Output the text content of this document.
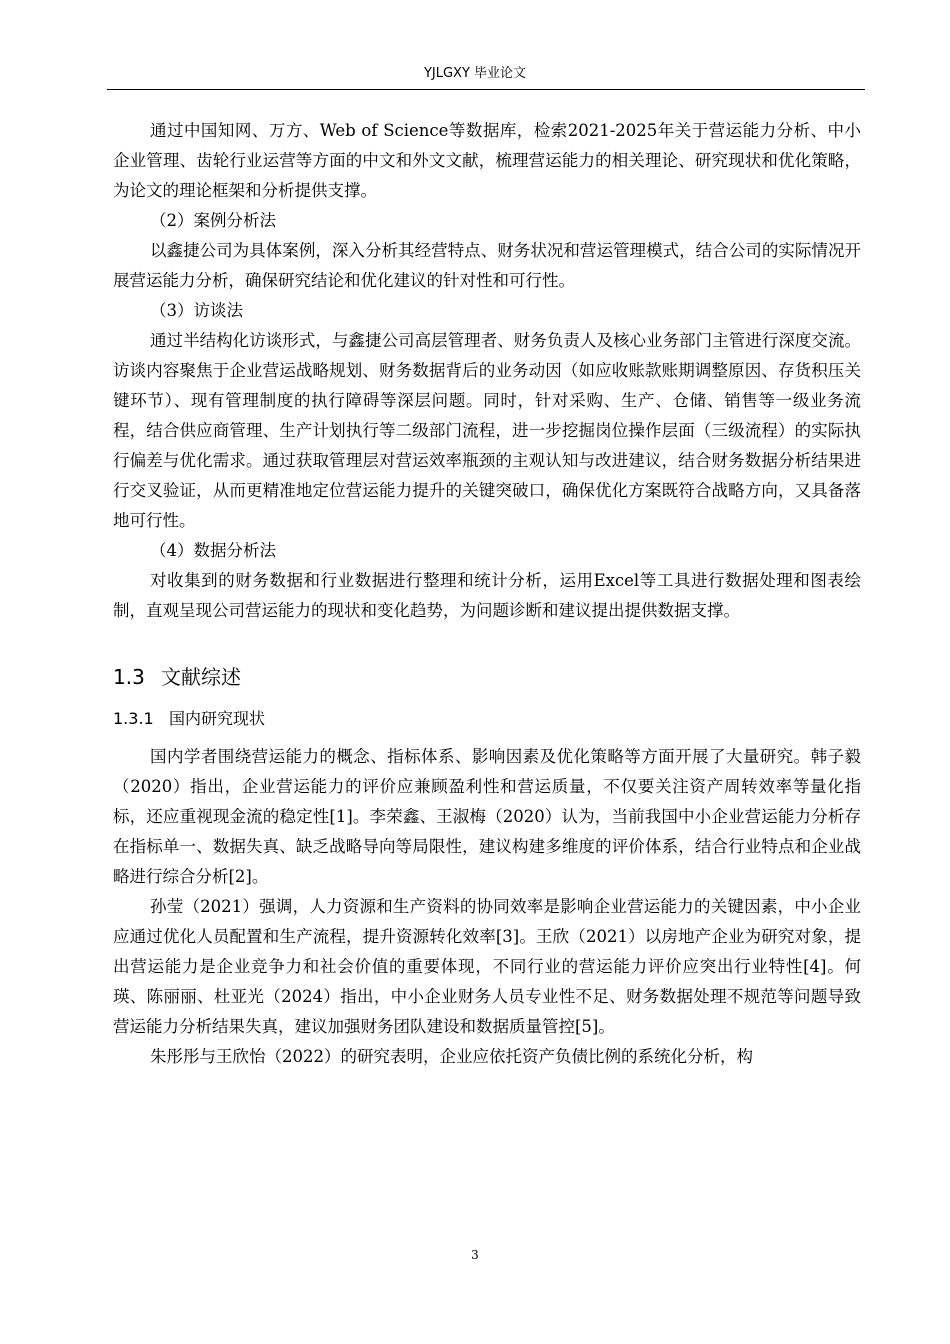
YJLGXY 毕业论文

通过中国知网、万方、Web of Science等数据库，检索2021-2025年关于营运能力分析、中小企业管理、齿轮行业运营等方面的中文和外文文献，梳理营运能力的相关理论、研究现状和优化策略，为论文的理论框架和分析提供支撑。

（2）案例分析法

以鑫捷公司为具体案例，深入分析其经营特点、财务状况和营运管理模式，结合公司的实际情况开展营运能力分析，确保研究结论和优化建议的针对性和可行性。

（3）访谈法

通过半结构化访谈形式，与鑫捷公司高层管理者、财务负责人及核心业务部门主管进行深度交流。访谈内容聚焦于企业营运战略规划、财务数据背后的业务动因（如应收账款账期调整原因、存货积压关键环节）、现有管理制度的执行障碍等深层问题。同时，针对采购、生产、仓储、销售等一级业务流程，结合供应商管理、生产计划执行等二级部门流程，进一步挖掘岗位操作层面（三级流程）的实际执行偏差与优化需求。通过获取管理层对营运效率瓶颈的主观认知与改进建议，结合财务数据分析结果进行交叉验证，从而更精准地定位营运能力提升的关键突破口，确保优化方案既符合战略方向，又具备落地可行性。

（4）数据分析法

对收集到的财务数据和行业数据进行整理和统计分析，运用Excel等工具进行数据处理和图表绘制，直观呈现公司营运能力的现状和变化趋势，为问题诊断和建议提出提供数据支撑。

1.3 文献综述
1.3.1 国内研究现状

国内学者围绕营运能力的概念、指标体系、影响因素及优化策略等方面开展了大量研究。韩子毅（2020）指出，企业营运能力的评价应兼顾盈利性和营运质量，不仅要关注资产周转效率等量化指标，还应重视现金流的稳定性[1]。李荣鑫、王淑梅（2020）认为，当前我国中小企业营运能力分析存在指标单一、数据失真、缺乏战略导向等局限性，建议构建多维度的评价体系，结合行业特点和企业战略进行综合分析[2]。

孙莹（2021）强调，人力资源和生产资料的协同效率是影响企业营运能力的关键因素，中小企业应通过优化人员配置和生产流程，提升资源转化效率[3]。王欣（2021）以房地产企业为研究对象，提出营运能力是企业竞争力和社会价值的重要体现，不同行业的营运能力评价应突出行业特性[4]。何瑛、陈丽丽、杜亚光（2024）指出，中小企业财务人员专业性不足、财务数据处理不规范等问题导致营运能力分析结果失真，建议加强财务团队建设和数据质量管控[5]。

朱彤彤与王欣怡（2022）的研究表明，企业应依托资产负债比例的系统化分析，构

3
